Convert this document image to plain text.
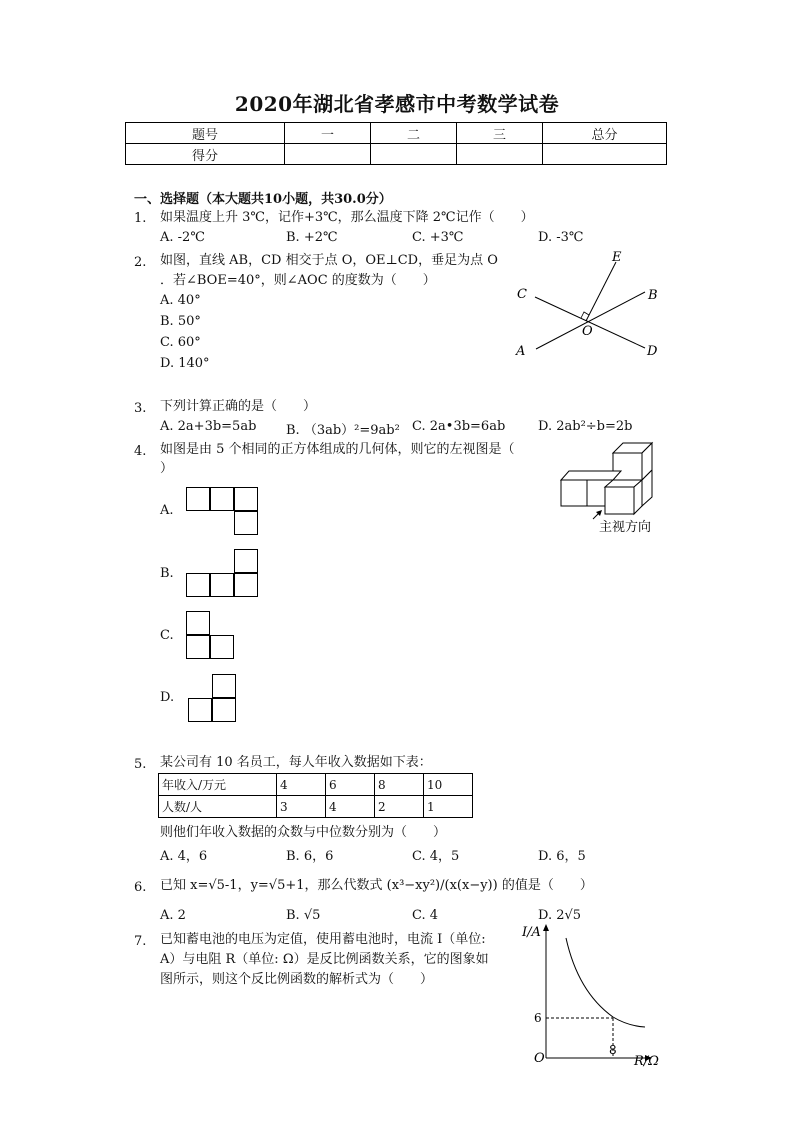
2020年湖北省孝感市中考数学试卷
题号	一	二	三	总分
得分				
一、选择题（本大题共10小题，共30.0分）
1. 如果温度上升 3℃，记作+3℃，那么温度下降 2℃记作（　　）
A. -2℃	B. +2℃	C. +3℃	D. -3℃
2. 如图，直线 AB，CD 相交于点 O，OE⊥CD，垂足为点 O
．若∠BOE=40°，则∠AOC 的度数为（　　）
A. 40°
B. 50°
C. 60°
D. 140°
E
C	B
O
A	D
3. 下列计算正确的是（　　）
A. 2a+3b=5ab B. （3ab）²=9ab² C. 2a•3b=6ab	D. 2ab²÷b=2b
4. 如图是由 5 个相同的正方体组成的几何体，则它的左视图是（
）
主视方向
A.
B.
C.
D.
5. 某公司有 10 名员工，每人年收入数据如下表：
年收入/万元	4	6	8	10
人数/人	3	4	2	1
则他们年收入数据的众数与中位数分别为（　　）
A. 4，6	B. 6，6	C. 4，5	D. 6，5
6. 已知 x=√5-1，y=√5+1，那么代数式 (x³−xy²)/(x(x−y)) 的值是（　　）
A. 2	B. √5	C. 4	D. 2√5
7. 已知蓄电池的电压为定值，使用蓄电池时，电流 I（单位:
A）与电阻 R（单位: Ω）是反比例函数关系，它的图象如
图所示，则这个反比例函数的解析式为（　　）
I/A
R/Ω
O
6
8
